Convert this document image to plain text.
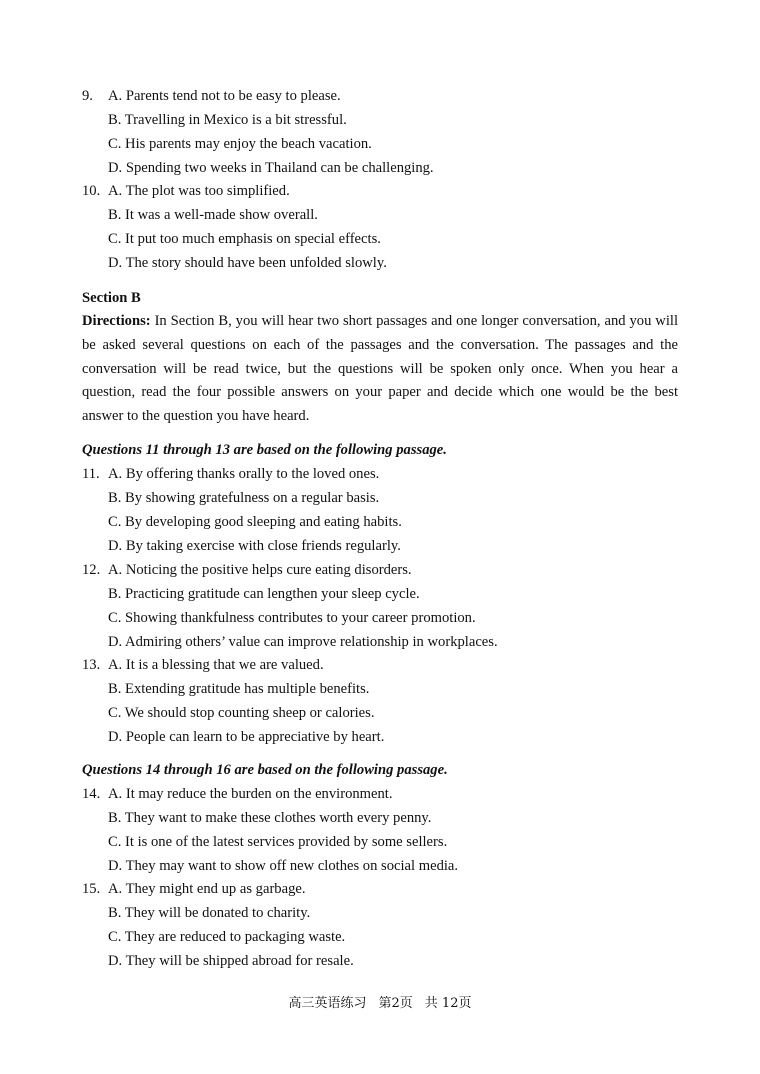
9. A. Parents tend not to be easy to please.
B. Travelling in Mexico is a bit stressful.
C. His parents may enjoy the beach vacation.
D. Spending two weeks in Thailand can be challenging.
10. A. The plot was too simplified.
B. It was a well-made show overall.
C. It put too much emphasis on special effects.
D. The story should have been unfolded slowly.
Section B
Directions: In Section B, you will hear two short passages and one longer conversation, and you will be asked several questions on each of the passages and the conversation. The passages and the conversation will be read twice, but the questions will be spoken only once. When you hear a question, read the four possible answers on your paper and decide which one would be the best answer to the question you have heard.
Questions 11 through 13 are based on the following passage.
11. A. By offering thanks orally to the loved ones.
B. By showing gratefulness on a regular basis.
C. By developing good sleeping and eating habits.
D. By taking exercise with close friends regularly.
12. A. Noticing the positive helps cure eating disorders.
B. Practicing gratitude can lengthen your sleep cycle.
C. Showing thankfulness contributes to your career promotion.
D. Admiring others’ value can improve relationship in workplaces.
13. A. It is a blessing that we are valued.
B. Extending gratitude has multiple benefits.
C. We should stop counting sheep or calories.
D. People can learn to be appreciative by heart.
Questions 14 through 16 are based on the following passage.
14. A. It may reduce the burden on the environment.
B. They want to make these clothes worth every penny.
C. It is one of the latest services provided by some sellers.
D. They may want to show off new clothes on social media.
15. A. They might end up as garbage.
B. They will be donated to charity.
C. They are reduced to packaging waste.
D. They will be shipped abroad for resale.
高三英语练习 第2页 共 12页
